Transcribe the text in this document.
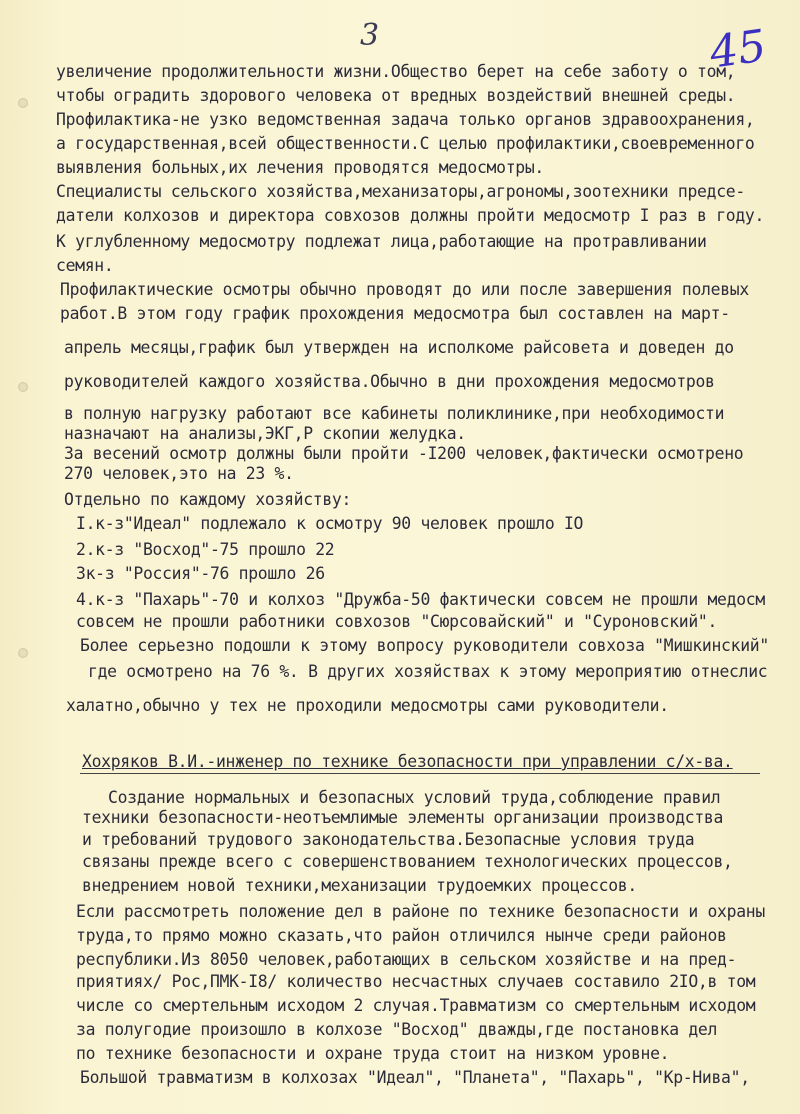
3	45
увеличение продолжительности жизни.Общество берет на себе заботу о том,
чтобы оградить здорового человека от вредных воздействий внешней среды.
Профилактика-не узко ведомственная задача только органов здравоохранения,
а государственная,всей общественности.С целью профилактики,своевременного
выявления больных,их лечения проводятся медосмотры.
Специалисты сельского хозяйства,механизаторы,агрономы,зоотехники предсе-
датели колхозов и директора совхозов должны пройти медосмотр I раз в году.
К углубленному медосмотру подлежат лица,работающие на протравливании
семян.
Профилактические осмотры обычно проводят до или после завершения полевых
работ.В этом году график прохождения медосмотра был составлен на март-
апрель месяцы,график был утвержден на исполкоме райсовета и доведен до
руководителей каждого хозяйства.Обычно в дни прохождения медосмотров
в полную нагрузку работают все кабинеты поликлинике,при необходимости
назначают на анализы,ЭКГ,Р скопии желудка.
За весений осмотр должны были пройти -I200 человек,фактически осмотрено
270 человек,это на 23 %.
Отдельно по каждому хозяйству:
I.к-з"Идеал" подлежало к осмотру 90 человек прошло IO
2.к-з "Восход"-75 прошло 22
3к-з "Россия"-76 прошло 26
4.к-з "Пахарь"-70 и колхоз "Дружба-50 фактически совсем не прошли медосм
совсем не прошли работники совхозов "Сюрсовайский" и "Суроновский".
Более серьезно подошли к этому вопросу руководители совхоза "Мишкинский"
где осмотрено на 76 %. В других хозяйствах к этому мероприятию отнеслис
халатно,обычно у тех не проходили медосмотры сами руководители.
Хохряков В.И.-инженер по технике безопасности при управлении с/х-ва.
Создание нормальных и безопасных условий труда,соблюдение правил
техники безопасности-неотъемлимые элементы организации производства
и требований трудового законодательства.Безопасные условия труда
связаны прежде всего с совершенствованием технологических процессов,
внедрением новой техники,механизации трудоемких процессов.
Если рассмотреть положение дел в районе по технике безопасности и охраны
труда,то прямо можно сказать,что район отличился нынче среди районов
республики.Из 8050 человек,работающих в сельском хозяйстве и на пред-
приятиях/ Рос,ПМК-I8/ количество несчастных случаев составило 2IO,в том
числе со смертельным исходом 2 случая.Травматизм со смертельным исходом
за полугодие произошло в колхозе "Восход" дважды,где постановка дел
по технике безопасности и охране труда стоит на низком уровне.
Большой травматизм в колхозах "Идеал", "Планета", "Пахарь", "Кр-Нива",
